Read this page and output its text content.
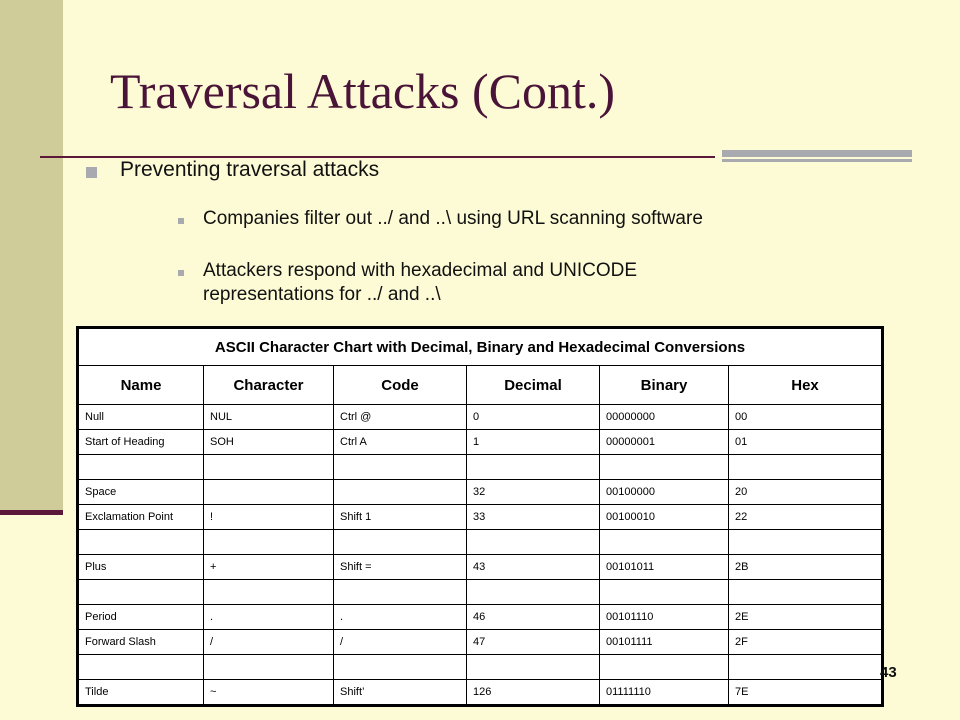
Traversal Attacks (Cont.)
Preventing traversal attacks
Companies filter out ../ and ..\ using URL scanning software
Attackers respond with hexadecimal and UNICODE
representations for ../ and ..\
ASCII Character Chart with Decimal, Binary and Hexadecimal Conversions					
Name	Character	Code	Decimal	Binary	Hex
Null	NUL	Ctrl @	0	00000000	00
Start of Heading	SOH	Ctrl A	1	00000001	01

Space			32	00100000	20
Exclamation Point	!	Shift 1	33	00100010	22

Plus	+	Shift =	43	00101011	2B

Period	.	.	46	00101110	2E
Forward Slash	/	/	47	00101111	2F

Tilde	~	Shift’	126	01111110	7E
43
